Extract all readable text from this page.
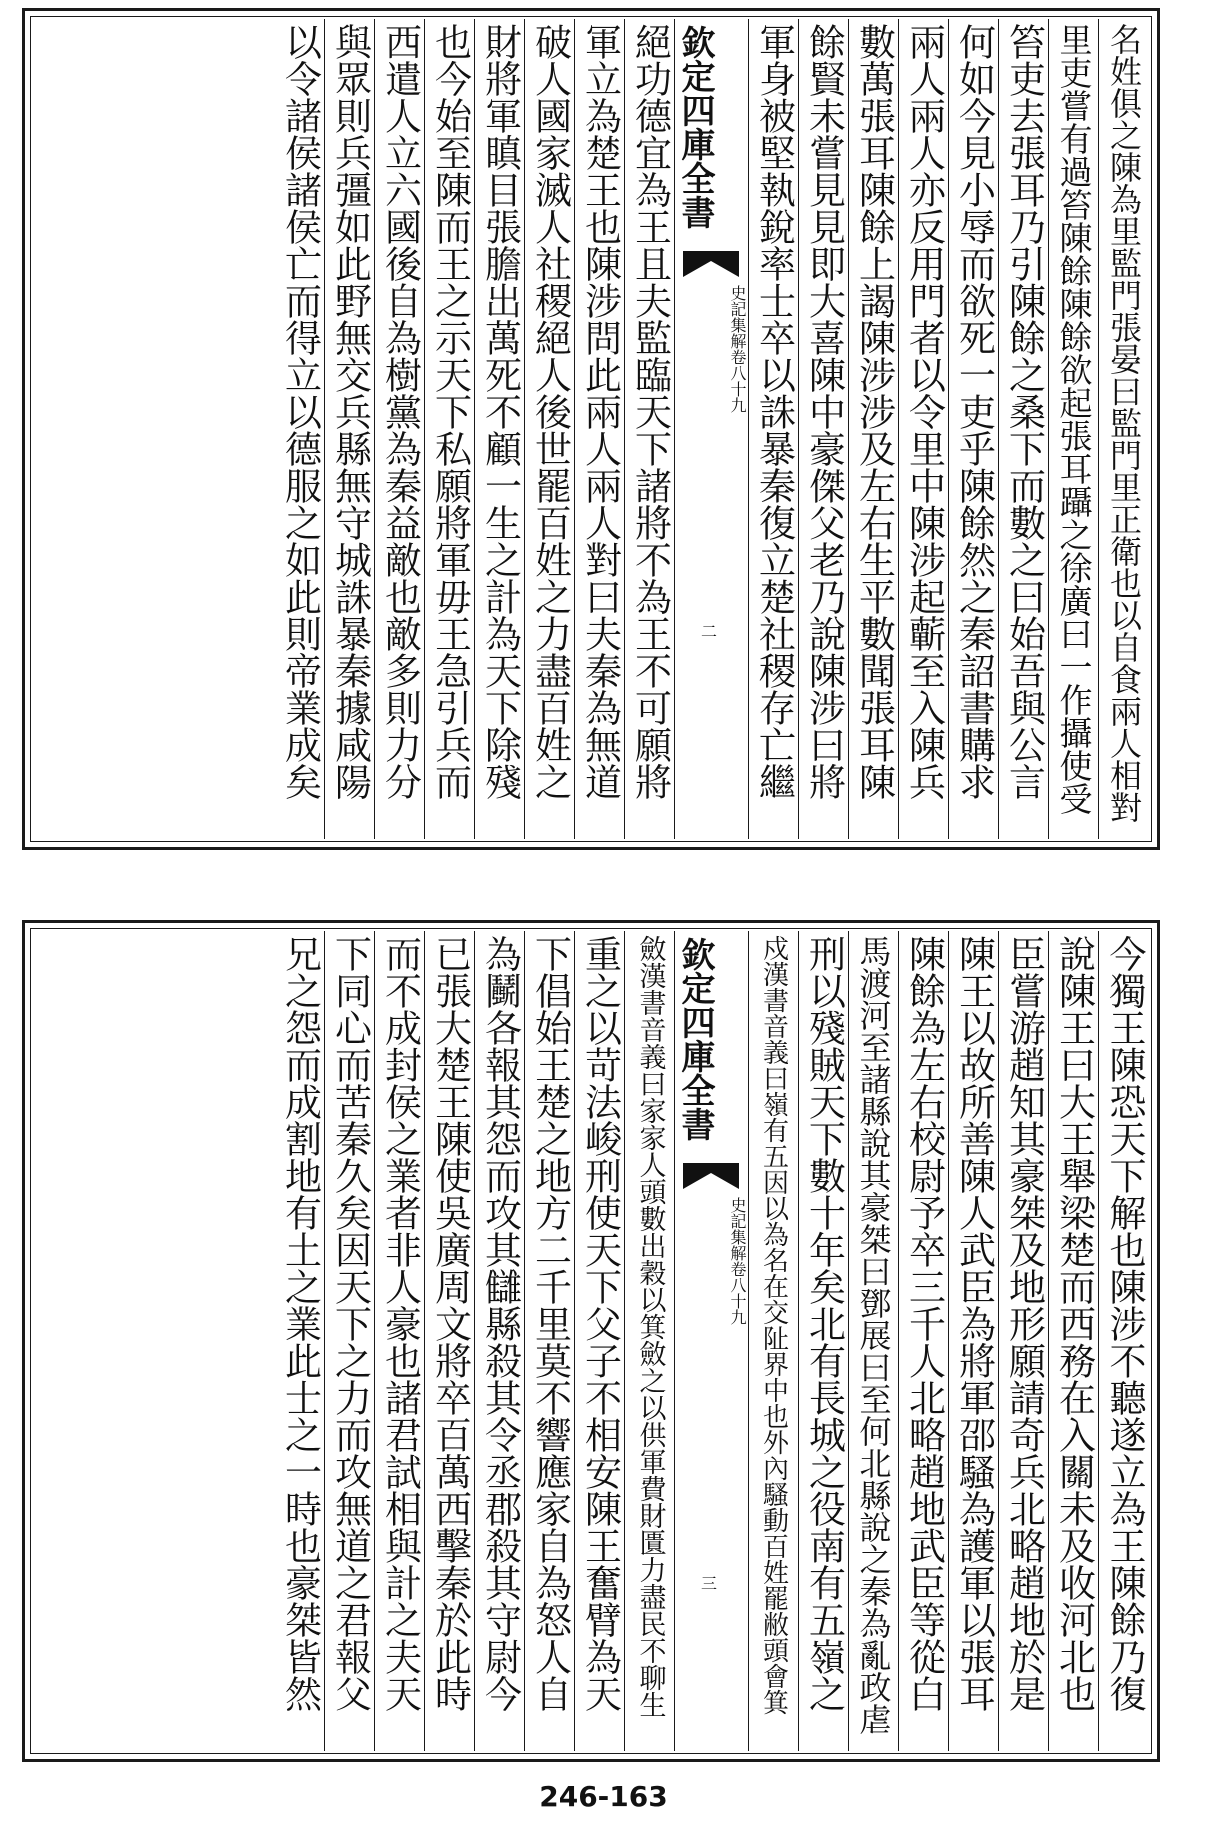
名姓俱之陳為里監門張晏曰監門里正衛也以自食兩人相對
里吏嘗有過笞陳餘陳餘欲起張耳躡之徐廣曰一作攝使受
笞吏去張耳乃引陳餘之桑下而數之曰始吾與公言
何如今見小辱而欲死一吏乎陳餘然之秦詔書購求
兩人兩人亦反用門者以令里中陳涉起蘄至入陳兵
數萬張耳陳餘上謁陳涉涉及左右生平數聞張耳陳
餘賢未嘗見見即大喜陳中豪傑父老乃說陳涉曰將
軍身被堅執銳率士卒以誅暴秦復立楚社稷存亡繼
欽定四庫全書
史記集解卷八十九
二
絕功德宜為王且夫監臨天下諸將不為王不可願將
軍立為楚王也陳涉問此兩人兩人對曰夫秦為無道
破人國家滅人社稷絕人後世罷百姓之力盡百姓之
財將軍瞋目張膽出萬死不顧一生之計為天下除殘
也今始至陳而王之示天下私願將軍毋王急引兵而
西遣人立六國後自為樹黨為秦益敵也敵多則力分
與眾則兵彊如此野無交兵縣無守城誅暴秦據咸陽
以令諸侯諸侯亡而得立以德服之如此則帝業成矣
今獨王陳恐天下解也陳涉不聽遂立為王陳餘乃復
說陳王曰大王舉梁楚而西務在入關未及收河北也
臣嘗游趙知其豪桀及地形願請奇兵北略趙地於是
陳王以故所善陳人武臣為將軍邵騷為護軍以張耳
陳餘為左右校尉予卒三千人北略趙地武臣等從白
馬渡河至諸縣說其豪桀曰鄧展曰至何北縣說之秦為亂政虐
刑以殘賊天下數十年矣北有長城之役南有五嶺之
戍漢書音義曰嶺有五因以為名在交阯界中也外內騷動百姓罷敝頭會箕
欽定四庫全書
史記集解卷八十九
三
斂漢書音義曰家家人頭數出穀以箕斂之以供軍費財匱力盡民不聊生
重之以苛法峻刑使天下父子不相安陳王奮臂為天
下倡始王楚之地方二千里莫不響應家自為怒人自
為鬭各報其怨而攻其讎縣殺其令丞郡殺其守尉今
已張大楚王陳使吳廣周文將卒百萬西擊秦於此時
而不成封侯之業者非人豪也諸君試相與計之夫天
下同心而苦秦久矣因天下之力而攻無道之君報父
兄之怨而成割地有土之業此士之一時也豪桀皆然
246-163
